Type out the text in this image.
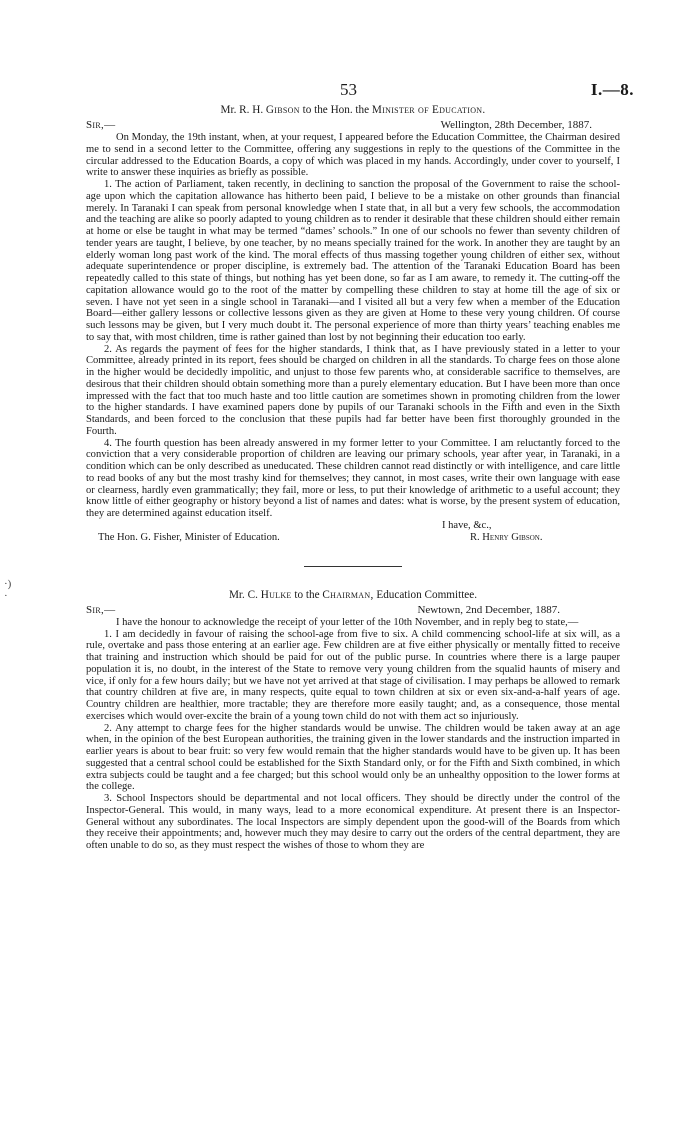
53	I.—8.
·)
·
Mr. R. H. Gibson to the Hon. the Minister of Education.
Sir,—	Wellington, 28th December, 1887.

On Monday, the 19th instant, when, at your request, I appeared before the Education Committee, the Chairman desired me to send in a second letter to the Committee, offering any suggestions in reply to the questions of the Committee in the circular addressed to the Education Boards, a copy of which was placed in my hands. Accordingly, under cover to yourself, I write to answer these inquiries as briefly as possible.

1. The action of Parliament, taken recently, in declining to sanction the proposal of the Government to raise the school-age upon which the capitation allowance has hitherto been paid, I believe to be a mistake on other grounds than financial merely. In Taranaki I can speak from personal knowledge when I state that, in all but a very few schools, the accommodation and the teaching are alike so poorly adapted to young children as to render it desirable that these children should either remain at home or else be taught in what may be termed “dames’ schools.” In one of our schools no fewer than seventy children of tender years are taught, I believe, by one teacher, by no means specially trained for the work. In another they are taught by an elderly woman long past work of the kind. The moral effects of thus massing together young children of either sex, without adequate superintendence or proper discipline, is extremely bad. The attention of the Taranaki Education Board has been repeatedly called to this state of things, but nothing has yet been done, so far as I am aware, to remedy it. The cutting-off the capitation allowance would go to the root of the matter by compelling these children to stay at home till the age of six or seven. I have not yet seen in a single school in Taranaki—and I visited all but a very few when a member of the Education Board—either gallery lessons or collective lessons given as they are given at Home to these very young children. Of course such lessons may be given, but I very much doubt it. The personal experience of more than thirty years’ teaching enables me to say that, with most children, time is rather gained than lost by not beginning their education too early.

2. As regards the payment of fees for the higher standards, I think that, as I have previously stated in a letter to your Committee, already printed in its report, fees should be charged on children in all the standards. To charge fees on those alone in the higher would be decidedly impolitic, and unjust to those few parents who, at considerable sacrifice to themselves, are desirous that their children should obtain something more than a purely elementary education. But I have been more than once impressed with the fact that too much haste and too little caution are sometimes shown in promoting children from the lower to the higher standards. I have examined papers done by pupils of our Taranaki schools in the Fifth and even in the Sixth Standards, and been forced to the conclusion that these pupils had far better have been first thoroughly grounded in the Fourth.

4. The fourth question has been already answered in my former letter to your Committee. I am reluctantly forced to the conviction that a very considerable proportion of children are leaving our primary schools, year after year, in Taranaki, in a condition which can be only described as uneducated. These children cannot read distinctly or with intelligence, and care little to read books of any but the most trashy kind for themselves; they cannot, in most cases, write their own language with ease or clearness, hardly even grammatically; they fail, more or less, to put their knowledge of arithmetic to a useful account; they know little of either geography or history beyond a list of names and dates: what is worse, by the present system of education, they are determined against education itself.

I have, &c.,
The Hon. G. Fisher, Minister of Education.	R. Henry Gibson.
Mr. C. Hulke to the Chairman, Education Committee.
Sir,—	Newtown, 2nd December, 1887.

I have the honour to acknowledge the receipt of your letter of the 10th November, and in reply beg to state,—

1. I am decidedly in favour of raising the school-age from five to six. A child commencing school-life at six will, as a rule, overtake and pass those entering at an earlier age. Few children are at five either physically or mentally fitted to receive that training and instruction which should be paid for out of the public purse. In countries where there is a large pauper population it is, no doubt, in the interest of the State to remove very young children from the squalid haunts of misery and vice, if only for a few hours daily; but we have not yet arrived at that stage of civilisation. I may perhaps be allowed to remark that country children at five are, in many respects, quite equal to town children at six or even six-and-a-half years of age. Country children are healthier, more tractable; they are therefore more easily taught; and, as a consequence, those mental exercises which would over-excite the brain of a young town child do not with them act so injuriously.

2. Any attempt to charge fees for the higher standards would be unwise. The children would be taken away at an age when, in the opinion of the best European authorities, the training given in the lower standards and the instruction imparted in earlier years is about to bear fruit: so very few would remain that the higher standards would have to be given up. It has been suggested that a central school could be established for the Sixth Standard only, or for the Fifth and Sixth combined, in which extra subjects could be taught and a fee charged; but this school would only be an unhealthy opposition to the lower forms at the college.

3. School Inspectors should be departmental and not local officers. They should be directly under the control of the Inspector-General. This would, in many ways, lead to a more economical expenditure. At present there is an Inspector-General without any subordinates. The local Inspectors are simply dependent upon the good-will of the Boards from which they receive their appointments; and, however much they may desire to carry out the orders of the central department, they are often unable to do so, as they must respect the wishes of those to whom they are
